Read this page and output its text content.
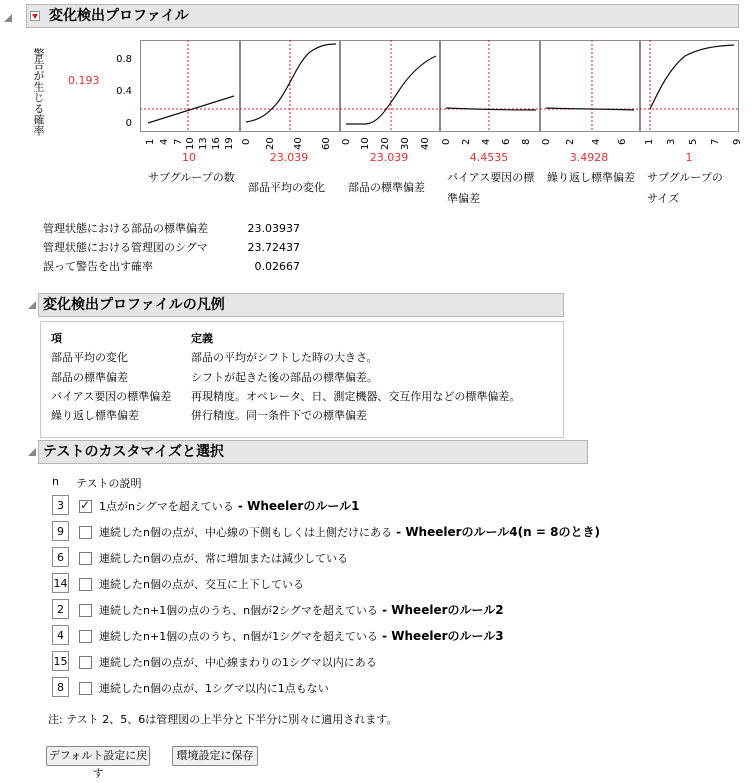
変化検出プロファイル
警告が生じる確率 0.193
0.8
0.4
0
1 4 7 10 13 16 19 0 20 40 60 0 10 20 30 40 0 2 4 6 8 0 2 4 6 1 3 5 7 9
10	23.039	23.039	4.4535	3.4928	1
サブグループの数
部品平均の変化	部品の標準偏差
バイアス要因の標準偏差
繰り返し標準偏差	サブグループのサイズ
管理状態における部品の標準偏差	23.03937
管理状態における管理図のシグマ	23.72437
誤って警告を出す確率	0.02667
変化検出プロファイルの凡例
項	定義
部品平均の変化	部品の平均がシフトした時の大きさ。
部品の標準偏差	シフトが起きた後の部品の標準偏差。
バイアス要因の標準偏差 再現精度。オペレータ、日、測定機器、交互作用などの標準偏差。
繰り返し標準偏差	併行精度。同一条件下での標準偏差
テストのカスタマイズと選択
n テストの説明
3
✓	1点がnシグマを超えている - Wheelerのルール1
9	連続したn個の点が、中心線の下側もしくは上側だけにある - Wheelerのルール4(n = 8のとき)
6	連続したn個の点が、常に増加または減少している
14	連続したn個の点が、交互に上下している
2	連続したn+1個の点のうち、n個が2シグマを超えている - Wheelerのルール2
4	連続したn+1個の点のうち、n個が1シグマを超えている - Wheelerのルール3
15	連続したn個の点が、中心線まわりの1シグマ以内にある
8	連続したn個の点が、1シグマ以内に1点もない
注: テスト 2、5、6は管理図の上半分と下半分に別々に適用されます。
デフォルト設定に戻す
環境設定に保存
